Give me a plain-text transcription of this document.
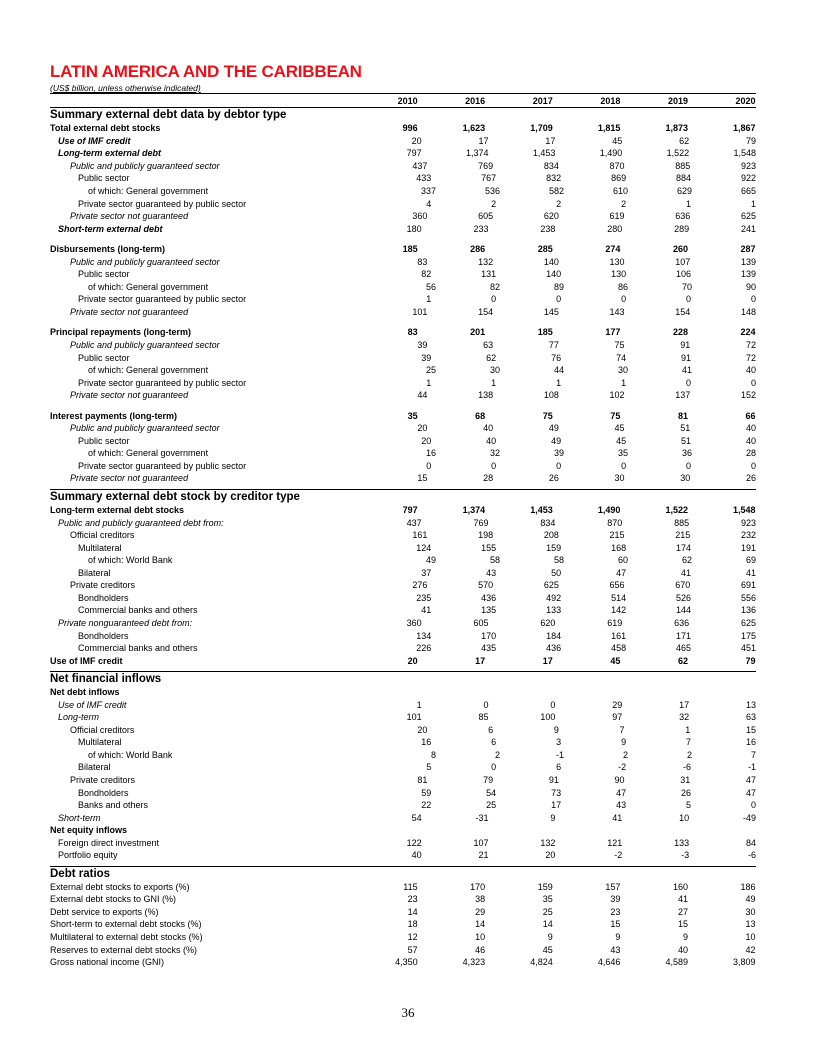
LATIN AMERICA AND THE CARIBBEAN
(US$ billion, unless otherwise indicated)
2010	2016	2017	2018	2019	2020
Summary external debt data by debtor type
Total external debt stocks	996	1,623	1,709	1,815	1,873	1,867
Use of IMF credit	20	17	17	45	62	79
Long-term external debt	797	1,374	1,453	1,490	1,522	1,548
Public and publicly guaranteed sector	437	769	834	870	885	923
Public sector	433	767	832	869	884	922
of which: General government	337	536	582	610	629	665
Private sector guaranteed by public sector	4	2	2	2	1	1
Private sector not guaranteed	360	605	620	619	636	625
Short-term external debt	180	233	238	280	289	241
Disbursements (long-term)	185	286	285	274	260	287
Public and publicly guaranteed sector	83	132	140	130	107	139
Public sector	82	131	140	130	106	139
of which: General government	56	82	89	86	70	90
Private sector guaranteed by public sector	1	0	0	0	0	0
Private sector not guaranteed	101	154	145	143	154	148
Principal repayments (long-term)	83	201	185	177	228	224
Public and publicly guaranteed sector	39	63	77	75	91	72
Public sector	39	62	76	74	91	72
of which: General government	25	30	44	30	41	40
Private sector guaranteed by public sector	1	1	1	1	0	0
Private sector not guaranteed	44	138	108	102	137	152
Interest payments (long-term)	35	68	75	75	81	66
Public and publicly guaranteed sector	20	40	49	45	51	40
Public sector	20	40	49	45	51	40
of which: General government	16	32	39	35	36	28
Private sector guaranteed by public sector	0	0	0	0	0	0
Private sector not guaranteed	15	28	26	30	30	26
Summary external debt stock by creditor type
Long-term external debt stocks	797	1,374	1,453	1,490	1,522	1,548
Public and publicly guaranteed debt from:	437	769	834	870	885	923
Official creditors	161	198	208	215	215	232
Multilateral	124	155	159	168	174	191
of which: World Bank	49	58	58	60	62	69
Bilateral	37	43	50	47	41	41
Private creditors	276	570	625	656	670	691
Bondholders	235	436	492	514	526	556
Commercial banks and others	41	135	133	142	144	136
Private nonguaranteed debt from:	360	605	620	619	636	625
Bondholders	134	170	184	161	171	175
Commercial banks and others	226	435	436	458	465	451
Use of IMF credit	20	17	17	45	62	79
Net financial inflows
Net debt inflows
Use of IMF credit	1	0	0	29	17	13
Long-term	101	85	100	97	32	63
Official creditors	20	6	9	7	1	15
Multilateral	16	6	3	9	7	16
of which: World Bank	8	2	-1	2	2	7
Bilateral	5	0	6	-2	-6	-1
Private creditors	81	79	91	90	31	47
Bondholders	59	54	73	47	26	47
Banks and others	22	25	17	43	5	0
Short-term	54	-31	9	41	10	-49
Net equity inflows
Foreign direct investment	122	107	132	121	133	84
Portfolio equity	40	21	20	-2	-3	-6
Debt ratios
External debt stocks to exports (%)	115	170	159	157	160	186
External debt stocks to GNI (%)	23	38	35	39	41	49
Debt service to exports (%)	14	29	25	23	27	30
Short-term to external debt stocks (%)	18	14	14	15	15	13
Multilateral to external debt stocks (%)	12	10	9	9	9	10
Reserves to external debt stocks (%)	57	46	45	43	40	42
Gross national income (GNI)	4,350	4,323	4,824	4,646	4,589	3,809
36
